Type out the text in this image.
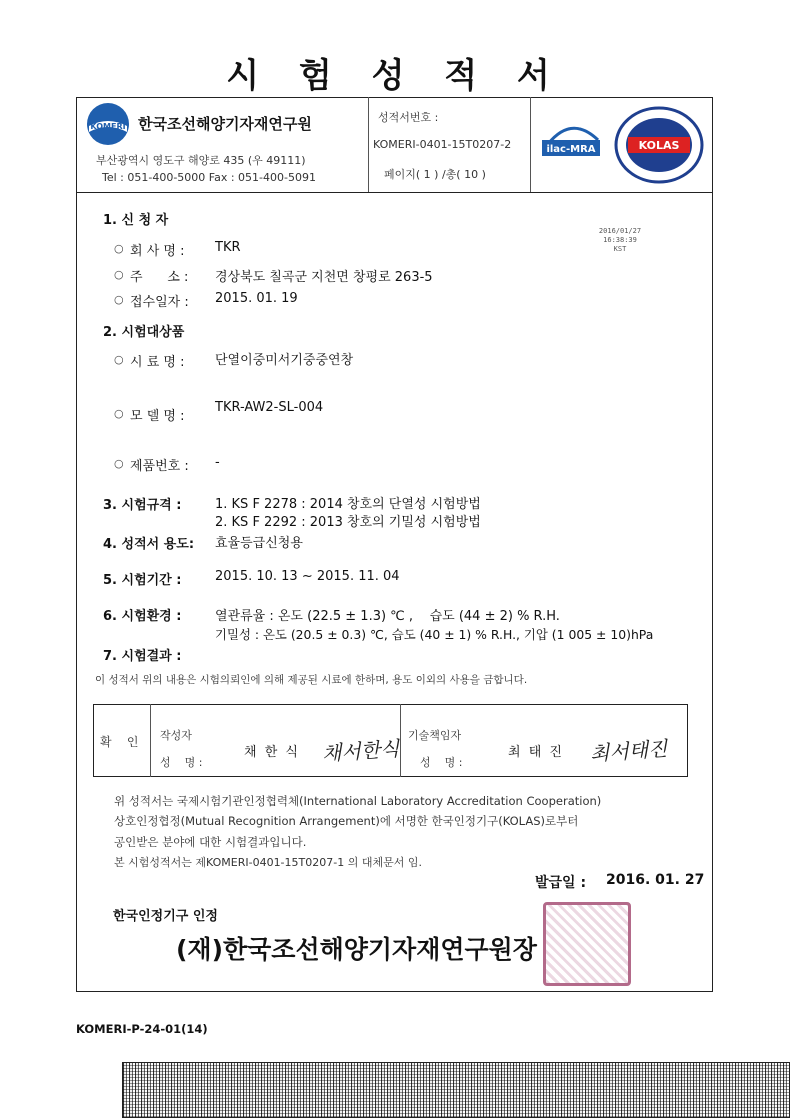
시 험 성 적 서
KOMERI 한국조선해양기자재연구원
부산광역시 영도구 해양로 435 (우 49111)
Tel : 051-400-5000 Fax : 051-400-5091
성적서번호 :
KOMERI-0401-15T0207-2
페이지( 1 ) /총( 10 )
ilac-MRA	KOLAS
2016/01/27
16:38:39
KST
1. 신 청 자
○ 회 사 명 : TKR
○ 주      소 : 경상북도 칠곡군 지천면 창평로 263-5
○ 접수일자 : 2015. 01. 19
2. 시험대상품
○ 시 료 명 : 단열이중미서기중중연창
○ 모 델 명 :
TKR-AW2-SL-004
○ 제품번호 : -
3. 시험규격 :	1. KS F 2278 : 2014 창호의 단열성 시험방법
2. KS F 2292 : 2013 창호의 기밀성 시험방법
4. 성적서 용도: 효율등급신청용
5. 시험기간 :	2015. 10. 13 ~ 2015. 11. 04
6. 시험환경 :	열관류율 : 온도 (22.5 ± 1.3) ℃ ,    습도 (44 ± 2) % R.H.
기밀성 : 온도 (20.5 ± 0.3) ℃, 습도 (40 ± 1) % R.H., 기압 (1 005 ± 10)hPa
7. 시험결과 :
이 성적서 위의 내용은 시험의뢰인에 의해 제공된 시료에 한하며, 용도 이외의 사용을 금합니다.
확    인 작성자
성    명 :
채 한 식 채서한식
기술책임자
성    명 :
최 태 진 최서태진
위 성적서는 국제시험기관인정협력체(International Laboratory Accreditation Cooperation)
상호인정협정(Mutual Recognition Arrangement)에 서명한 한국인정기구(KOLAS)로부터
공인받은 분야에 대한 시험결과입니다.
본 시험성적서는 제KOMERI-0401-15T0207-1 의 대체문서 임.
발급일 : 2016. 01. 27
한국인정기구 인정
(재)한국조선해양기자재연구원장
KOMERI-P-24-01(14)
